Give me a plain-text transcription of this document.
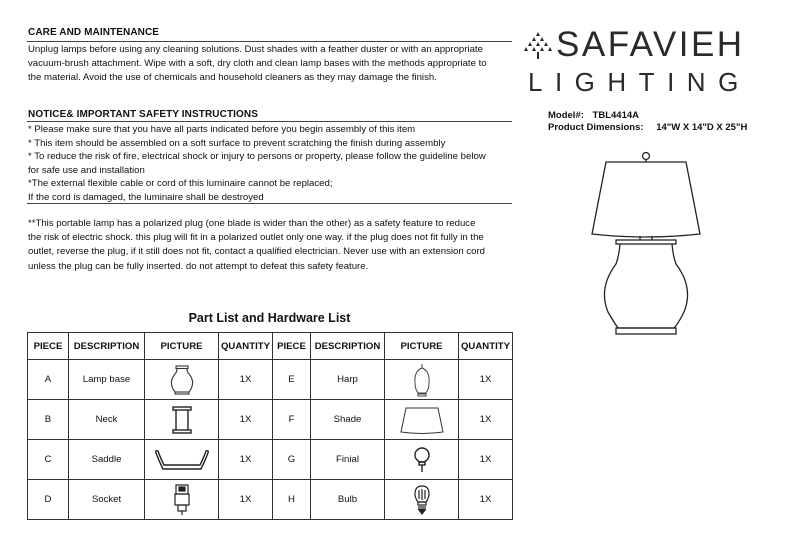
CARE AND MAINTENANCE
Unplug lamps before using any cleaning solutions. Dust shades with a feather duster or with an appropriate
vacuum-brush attachment. Wipe with a soft, dry cloth and clean lamp bases with the methods appropriate to
the material. Avoid the use of chemicals and household cleaners as they may damage the finish.
NOTICE& IMPORTANT SAFETY INSTRUCTIONS
* Please make sure that you have all parts indicated before you begin assembly of this item
* This item should be assembled on a soft surface to prevent scratching the finish during assembly
* To reduce the risk of fire, electrical shock or injury to persons or property, please follow the guideline below
for safe use and installation
*The external flexible cable or cord of this luminaire cannot be replaced;
If the cord is damaged, the luminaire shall be destroyed
**This portable lamp has a polarized plug (one blade is wider than the other) as a safety feature to reduce
the risk of electric shock. this plug will fit in a polarized outlet only one way. if the plug does not fit fully in the
outlet, reverse the plug, if it still does not fit, contact a qualified electrician. Never use with an extension cord
unless the plug can be fully inserted. do not attempt to defeat this safety feature.
SAFAVIEH
LIGHTING
Model#: TBL4414A
Product Dimensions: 14"W X 14"D X 25"H
Part List and Hardware List
PIECE	DESCRIPTION	PICTURE	QUANTITY	PIECE	DESCRIPTION	PICTURE	QUANTITY
A	Lamp base		1X	E	Harp		1X
B	Neck		1X	F	Shade		1X
C	Saddle		1X	G	Finial		1X
D	Socket		1X	H	Bulb		1X
